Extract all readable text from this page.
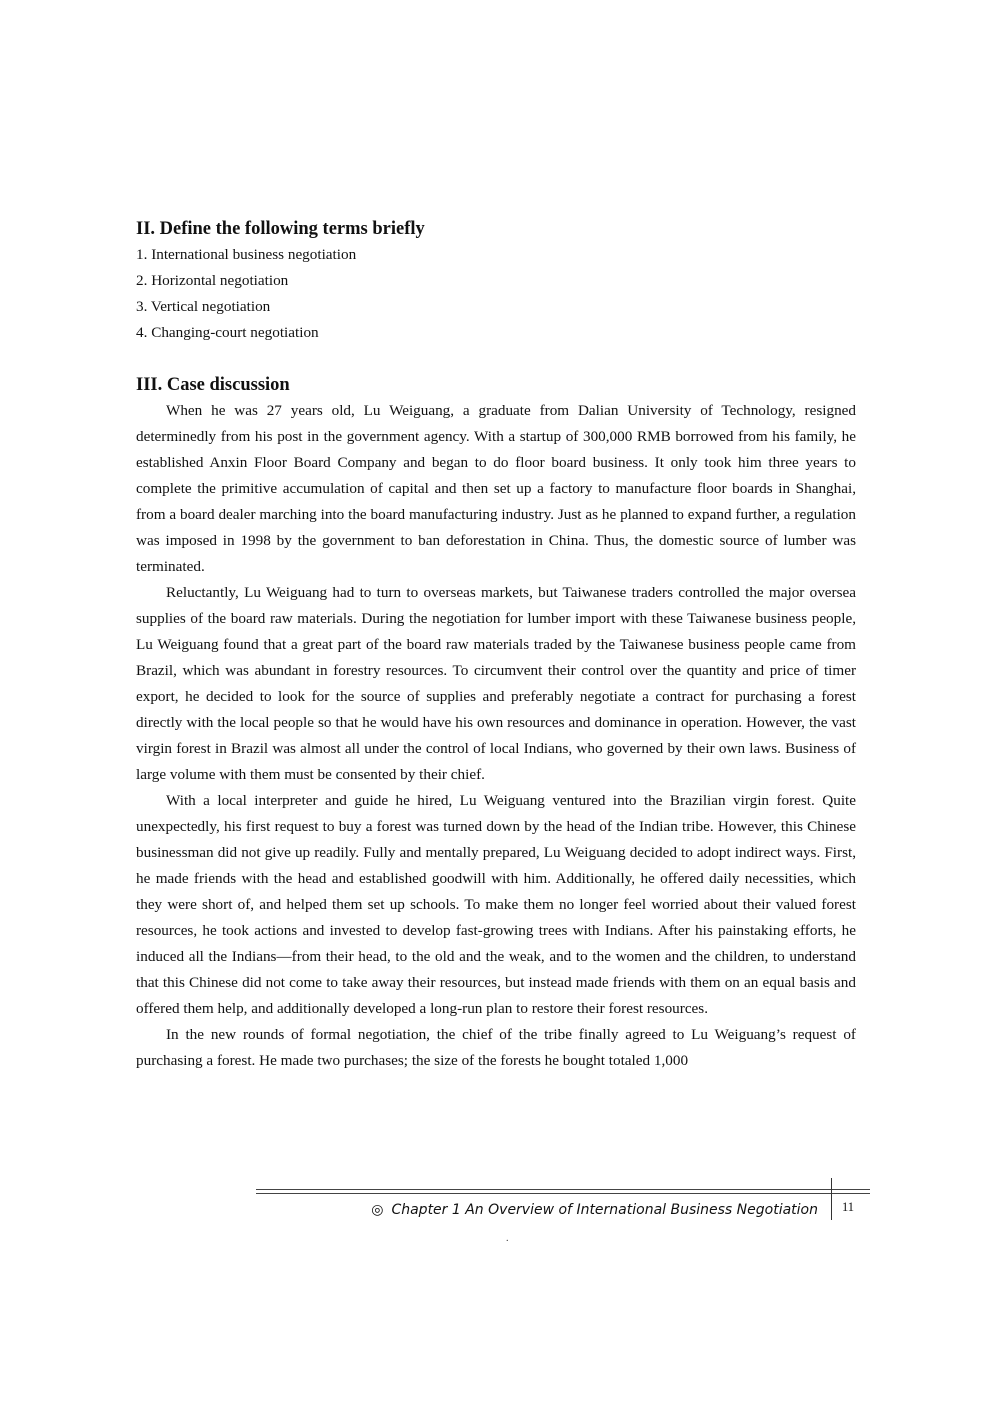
II. Define the following terms briefly
1. International business negotiation
2. Horizontal negotiation
3. Vertical negotiation
4. Changing-court negotiation
III. Case discussion

When he was 27 years old, Lu Weiguang, a graduate from Dalian University of Technology, resigned determinedly from his post in the government agency. With a startup of 300,000 RMB borrowed from his family, he established Anxin Floor Board Company and began to do floor board business. It only took him three years to complete the primitive accumulation of capital and then set up a factory to manufacture floor boards in Shanghai, from a board dealer marching into the board manufacturing industry. Just as he planned to expand further, a regulation was imposed in 1998 by the government to ban deforestation in China. Thus, the domestic source of lumber was terminated.

Reluctantly, Lu Weiguang had to turn to overseas markets, but Taiwanese traders controlled the major oversea supplies of the board raw materials. During the negotiation for lumber import with these Taiwanese business people, Lu Weiguang found that a great part of the board raw materials traded by the Taiwanese business people came from Brazil, which was abundant in forestry resources. To circumvent their control over the quantity and price of timer export, he decided to look for the source of supplies and preferably negotiate a contract for purchasing a forest directly with the local people so that he would have his own resources and dominance in operation. However, the vast virgin forest in Brazil was almost all under the control of local Indians, who governed by their own laws. Business of large volume with them must be consented by their chief.

With a local interpreter and guide he hired, Lu Weiguang ventured into the Brazilian virgin forest. Quite unexpectedly, his first request to buy a forest was turned down by the head of the Indian tribe. However, this Chinese businessman did not give up readily. Fully and mentally prepared, Lu Weiguang decided to adopt indirect ways. First, he made friends with the head and established goodwill with him. Additionally, he offered daily necessities, which they were short of, and helped them set up schools. To make them no longer feel worried about their valued forest resources, he took actions and invested to develop fast-growing trees with Indians. After his painstaking efforts, he induced all the Indians—from their head, to the old and the weak, and to the women and the children, to understand that this Chinese did not come to take away their resources, but instead made friends with them on an equal basis and offered them help, and additionally developed a long-run plan to restore their forest resources.

In the new rounds of formal negotiation, the chief of the tribe finally agreed to Lu Weiguang’s request of purchasing a forest. He made two purchases; the size of the forests he bought totaled 1,000

◎ Chapter 1 An Overview of International Business Negotiation 11
.
